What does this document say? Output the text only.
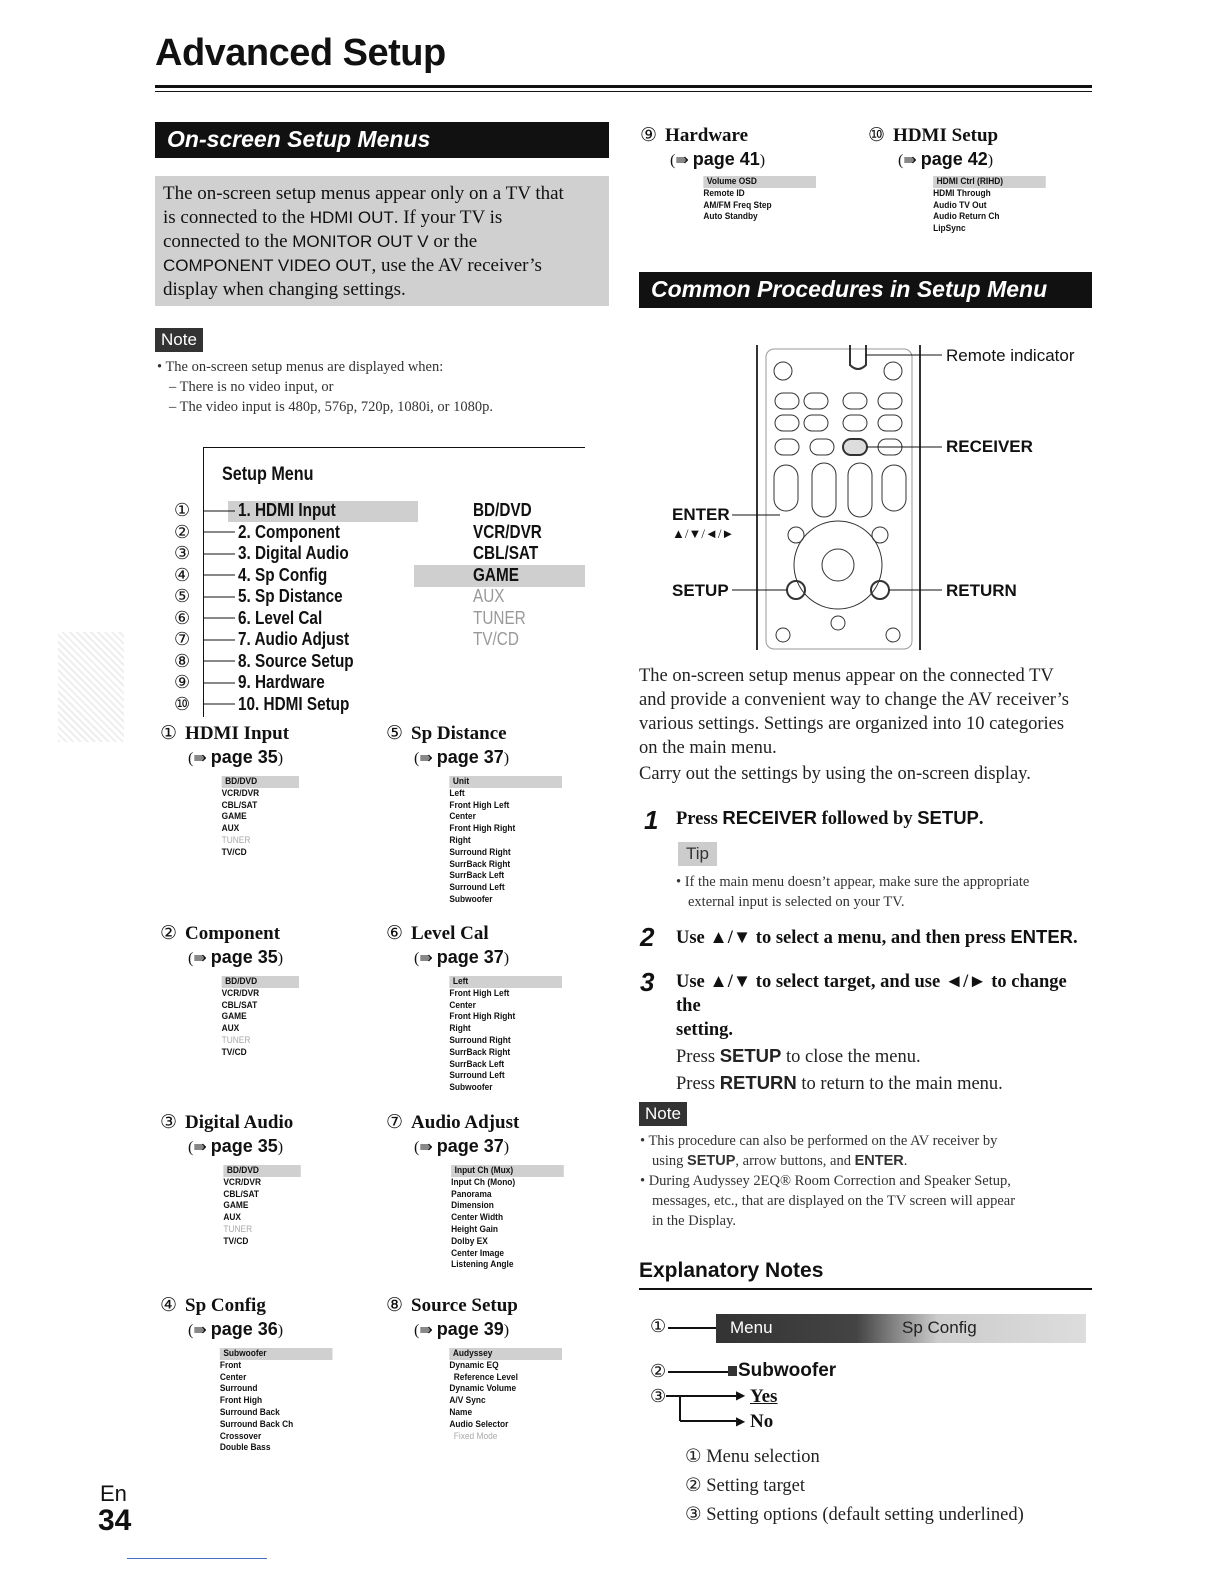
Advanced Setup
On-screen Setup Menus
The on-screen setup menus appear only on a TV that
is connected to the HDMI OUT. If your TV is
connected to the MONITOR OUT V or the
COMPONENT VIDEO OUT, use the AV receiver’s
display when changing settings.
Note
• The on-screen setup menus are displayed when:
– There is no video input, or
– The video input is 480p, 576p, 720p, 1080i, or 1080p.
Setup Menu
①
②
③
④
⑤
⑥
⑦
⑧
⑨
⑩
1. HDMI Input
2. Component
3. Digital Audio
4. Sp Config
5. Sp Distance
6. Level Cal
7. Audio Adjust
8. Source Setup
9. Hardware
10. HDMI Setup
BD/DVD
VCR/DVR
CBL/SAT
GAME
AUX
TUNER
TV/CD
① HDMI Input
(⇛ page 35)
BD/DVD
VCR/DVR
CBL/SAT
GAME
AUX
TUNER
TV/CD
⑤ Sp Distance
(⇛ page 37)
Unit
Left
Front High Left
Center
Front High Right
Right
Surround Right
SurrBack Right
SurrBack Left
Surround Left
Subwoofer
② Component
(⇛ page 35)
BD/DVD
VCR/DVR
CBL/SAT
GAME
AUX
TUNER
TV/CD
⑥ Level Cal
(⇛ page 37)
Left
Front High Left
Center
Front High Right
Right
Surround Right
SurrBack Right
SurrBack Left
Surround Left
Subwoofer
③ Digital Audio
(⇛ page 35)
BD/DVD
VCR/DVR
CBL/SAT
GAME
AUX
TUNER
TV/CD
⑦ Audio Adjust
(⇛ page 37)
Input Ch (Mux)
Input Ch (Mono)
Panorama
Dimension
Center Width
Height Gain
Dolby EX
Center Image
Listening Angle
④ Sp Config
(⇛ page 36)
Subwoofer
Front
Center
Surround
Front High
Surround Back
Surround Back Ch
Crossover
Double Bass
⑧ Source Setup
(⇛ page 39)
Audyssey
Dynamic EQ
Reference Level
Dynamic Volume
A/V Sync
Name
Audio Selector
Fixed Mode
⑨ Hardware
(⇛ page 41)
Volume OSD
Remote ID
AM/FM Freq Step
Auto Standby
⑩ HDMI Setup
(⇛ page 42)
HDMI Ctrl (RIHD)
HDMI Through
Audio TV Out
Audio Return Ch
LipSync
Common Procedures in Setup Menu
Remote indicator
RECEIVER
ENTER
▲/▼/◄/►
SETUP	RETURN
The on-screen setup menus appear on the connected TV
and provide a convenient way to change the AV receiver’s
various settings. Settings are organized into 10 categories
on the main menu.
Carry out the settings by using the on-screen display.
1 Press RECEIVER followed by SETUP.
Tip
• If the main menu doesn’t appear, make sure the appropriate
external input is selected on your TV.
2 Use ▲/▼ to select a menu, and then press ENTER.
3 Use ▲/▼ to select target, and use ◄/► to change the
setting.
Press SETUP to close the menu.
Press RETURN to return to the main menu.
Note
• This procedure can also be performed on the AV receiver by
using SETUP, arrow buttons, and ENTER.
• During Audyssey 2EQ® Room Correction and Speaker Setup,
messages, etc., that are displayed on the TV screen will appear
in the Display.
Explanatory Notes
①	Menu	Sp Config
②	Subwoofer
③	▶ Yes
▶ No
① Menu selection
② Setting target
③ Setting options (default setting underlined)
En
34
